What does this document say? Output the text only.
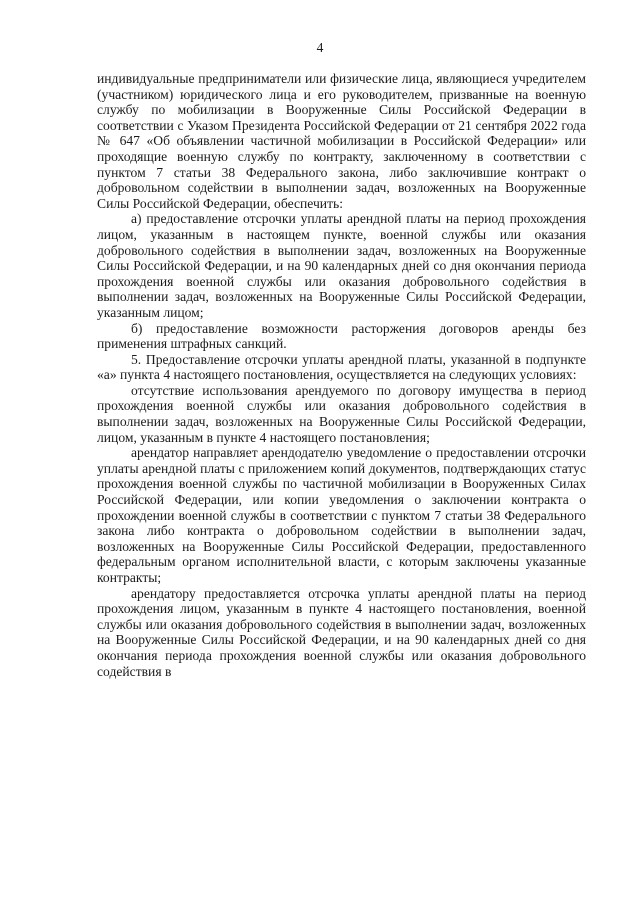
4

индивидуальные предприниматели или физические лица, являющиеся учредителем (участником) юридического лица и его руководителем, призванные на военную службу по мобилизации в Вооруженные Силы Российской Федерации в соответствии с Указом Президента Российской Федерации от 21 сентября 2022 года № 647 «Об объявлении частичной мобилизации в Российской Федерации» или проходящие военную службу по контракту, заключенному в соответствии с пунктом 7 статьи 38 Федерального закона, либо заключившие контракт о добровольном содействии в выполнении задач, возложенных на Вооруженные Силы Российской Федерации, обеспечить:

а) предоставление отсрочки уплаты арендной платы на период прохождения лицом, указанным в настоящем пункте, военной службы или оказания добровольного содействия в выполнении задач, возложенных на Вооруженные Силы Российской Федерации, и на 90 календарных дней со дня окончания периода прохождения военной службы или оказания добровольного содействия в выполнении задач, возложенных на Вооруженные Силы Российской Федерации, указанным лицом;

б) предоставление возможности расторжения договоров аренды без применения штрафных санкций.

5. Предоставление отсрочки уплаты арендной платы, указанной в подпункте «а» пункта 4 настоящего постановления, осуществляется на следующих условиях:

отсутствие использования арендуемого по договору имущества в период прохождения военной службы или оказания добровольного содействия в выполнении задач, возложенных на Вооруженные Силы Российской Федерации, лицом, указанным в пункте 4 настоящего постановления;

арендатор направляет арендодателю уведомление о предоставлении отсрочки уплаты арендной платы с приложением копий документов, подтверждающих статус прохождения военной службы по частичной мобилизации в Вооруженных Силах Российской Федерации, или копии уведомления о заключении контракта о прохождении военной службы в соответствии с пунктом 7 статьи 38 Федерального закона либо контракта о добровольном содействии в выполнении задач, возложенных на Вооруженные Силы Российской Федерации, предоставленного федеральным органом исполнительной власти, с которым заключены указанные контракты;

арендатору предоставляется отсрочка уплаты арендной платы на период прохождения лицом, указанным в пункте 4 настоящего постановления, военной службы или оказания добровольного содействия в выполнении задач, возложенных на Вооруженные Силы Российской Федерации, и на 90 календарных дней со дня окончания периода прохождения военной службы или оказания добровольного содействия в
